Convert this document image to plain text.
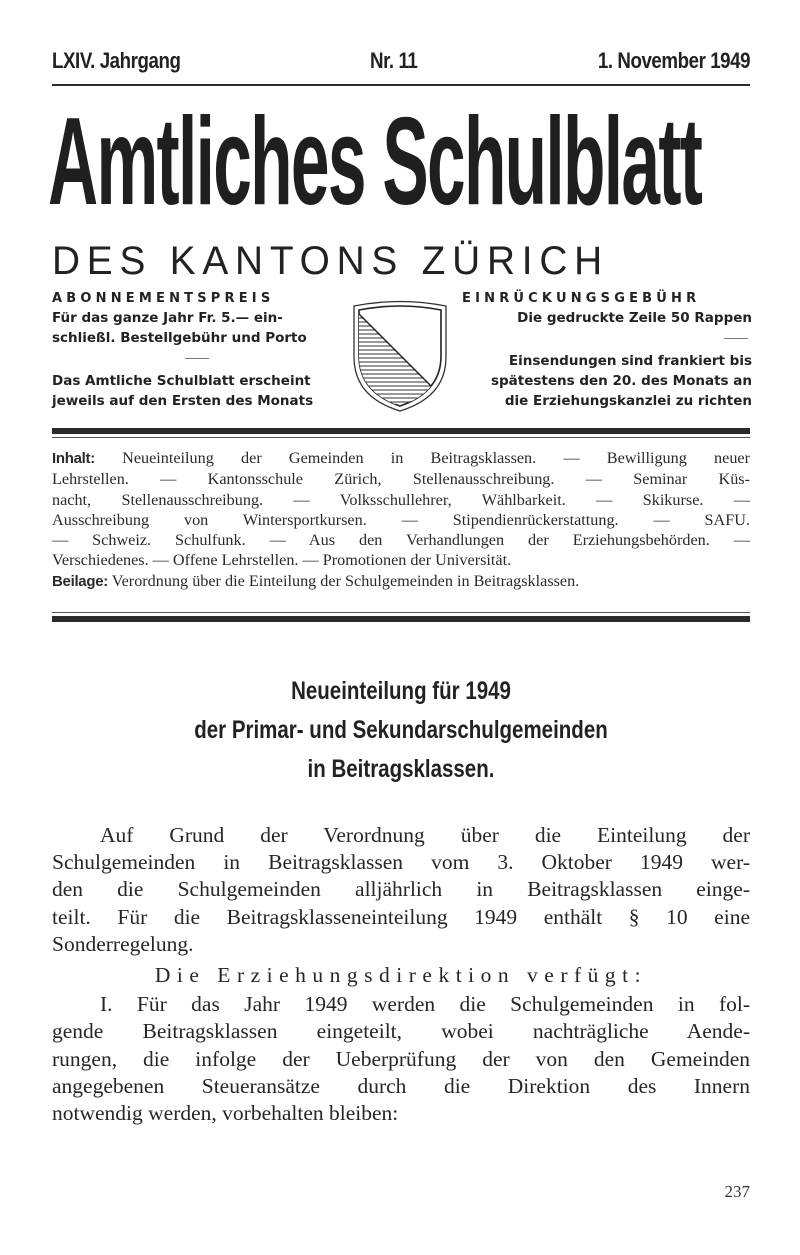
LXIV. Jahrgang	Nr. 11	1. November 1949
Amtliches Schulblatt
DES KANTONS ZÜRICH
ABONNEMENTSPREIS
Für das ganze Jahr Fr. 5.— ein-
schließl. Bestellgebühr und Porto
Das Amtliche Schulblatt erscheint
jeweils auf den Ersten des Monats
EINRÜCKUNGSGEBÜHR
Die gedruckte Zeile 50 Rappen
Einsendungen sind frankiert bis
spätestens den 20. des Monats an
die Erziehungskanzlei zu richten
Inhalt: Neueinteilung der Gemeinden in Beitragsklassen. — Bewilligung neuer
Lehrstellen. — Kantonsschule Zürich, Stellenausschreibung. — Seminar Küs-
nacht, Stellenausschreibung. — Volksschullehrer, Wählbarkeit. — Skikurse. —
Ausschreibung von Wintersportkursen. — Stipendienrückerstattung. — SAFU.
— Schweiz. Schulfunk. — Aus den Verhandlungen der Erziehungsbehörden. —
Verschiedenes. — Offene Lehrstellen. — Promotionen der Universität.
Beilage: Verordnung über die Einteilung der Schulgemeinden in Beitragsklassen.
Neueinteilung für 1949
der Primar- und Sekundarschulgemeinden
in Beitragsklassen.
Auf Grund der Verordnung über die Einteilung der
Schulgemeinden in Beitragsklassen vom 3. Oktober 1949 wer-
den die Schulgemeinden alljährlich in Beitragsklassen einge-
teilt. Für die Beitragsklasseneinteilung 1949 enthält § 10 eine
Sonderregelung.
Die Erziehungsdirektion verfügt:
I. Für das Jahr 1949 werden die Schulgemeinden in fol-
gende Beitragsklassen eingeteilt, wobei nachträgliche Aende-
rungen, die infolge der Ueberprüfung der von den Gemeinden
angegebenen Steueransätze durch die Direktion des Innern
notwendig werden, vorbehalten bleiben:
237
